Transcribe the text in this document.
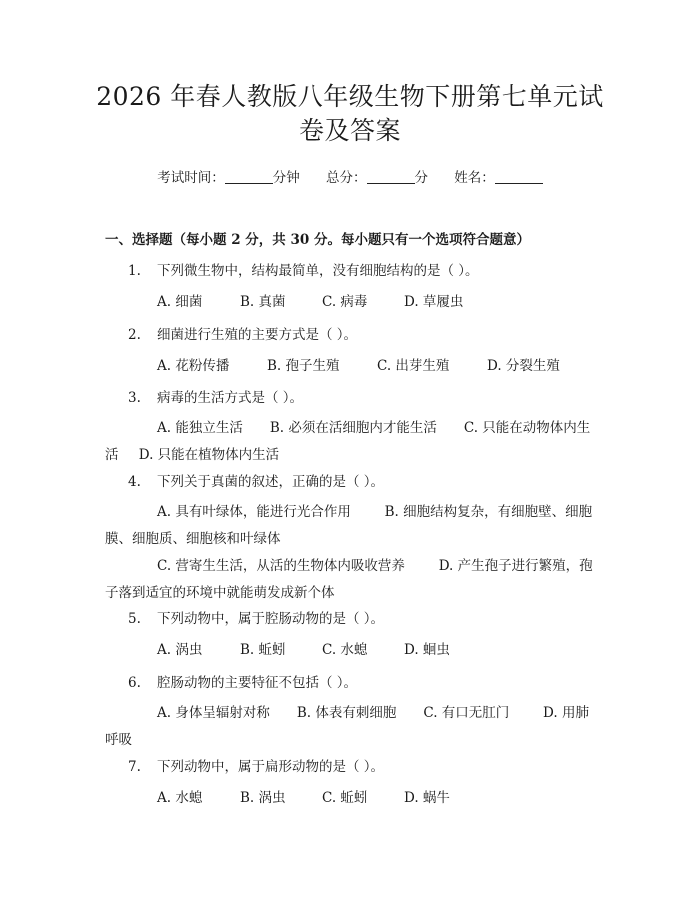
2026 年春人教版八年级生物下册第七单元试
卷及答案
考试时间：	分钟 总分：	分 姓名：
一、选择题（每小题 2 分，共 30 分。每小题只有一个选项符合题意）
1. 下列微生物中，结构最简单，没有细胞结构的是（ ）。
A. 细菌	B. 真菌	C. 病毒	D. 草履虫
2. 细菌进行生殖的主要方式是（ ）。
A. 花粉传播	B. 孢子生殖	C. 出芽生殖	D. 分裂生殖
3. 病毒的生活方式是（ ）。
A. 能独立生活   B. 必须在活细胞内才能生活   C. 只能在动物体内生活   D. 只能在植物体内生活
4. 下列关于真菌的叙述，正确的是（ ）。
A. 具有叶绿体，能进行光合作用   	B. 细胞结构复杂，有细胞壁、细胞膜、细胞质、细胞核和叶绿体
C. 营寄生生活，从活的生物体内吸收营养   	D. 产生孢子进行繁殖，孢子落到适宜的环境中就能萌发成新个体
5. 下列动物中，属于腔肠动物的是（ ）。
A. 涡虫	B. 蚯蚓	C. 水螅	D. 蛔虫
6. 腔肠动物的主要特征不包括（ ）。
A. 身体呈辐射对称   B. 体表有刺细胞   C. 有口无肛门   	D. 用肺呼吸
7. 下列动物中，属于扁形动物的是（ ）。
A. 水螅	B. 涡虫	C. 蚯蚓	D. 蜗牛
